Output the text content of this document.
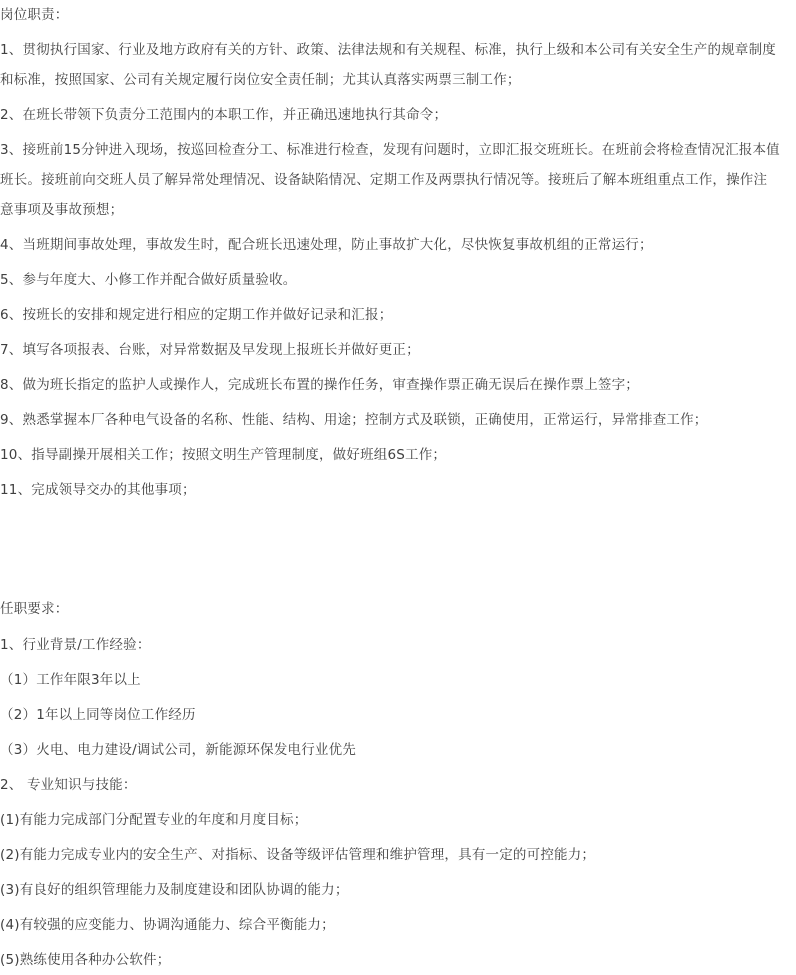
岗位职责：
1、贯彻执行国家、行业及地方政府有关的方针、政策、法律法规和有关规程、标准，执行上级和本公司有关安全生产的规章制度
和标准，按照国家、公司有关规定履行岗位安全责任制；尤其认真落实两票三制工作；
2、在班长带领下负责分工范围内的本职工作，并正确迅速地执行其命令；
3、接班前15分钟进入现场，按巡回检查分工、标准进行检查，发现有问题时，立即汇报交班班长。在班前会将检查情况汇报本值
班长。接班前向交班人员了解异常处理情况、设备缺陷情况、定期工作及两票执行情况等。接班后了解本班组重点工作，操作注
意事项及事故预想；
4、当班期间事故处理，事故发生时，配合班长迅速处理，防止事故扩大化，尽快恢复事故机组的正常运行；
5、参与年度大、小修工作并配合做好质量验收。
6、按班长的安排和规定进行相应的定期工作并做好记录和汇报；
7、填写各项报表、台账，对异常数据及早发现上报班长并做好更正；
8、做为班长指定的监护人或操作人，完成班长布置的操作任务，审查操作票正确无误后在操作票上签字；
9、熟悉掌握本厂各种电气设备的名称、性能、结构、用途；控制方式及联锁，正确使用，正常运行，异常排查工作；
10、指导副操开展相关工作；按照文明生产管理制度，做好班组6S工作；
11、完成领导交办的其他事项；
任职要求：
1、行业背景/工作经验：
（1）工作年限3年以上
（2）1年以上同等岗位工作经历
（3）火电、电力建设/调试公司，新能源环保发电行业优先
2、 专业知识与技能：
(1)有能力完成部门分配置专业的年度和月度目标；
(2)有能力完成专业内的安全生产、对指标、设备等级评估管理和维护管理，具有一定的可控能力；
(3)有良好的组织管理能力及制度建设和团队协调的能力；
(4)有较强的应变能力、协调沟通能力、综合平衡能力；
(5)熟练使用各种办公软件；
